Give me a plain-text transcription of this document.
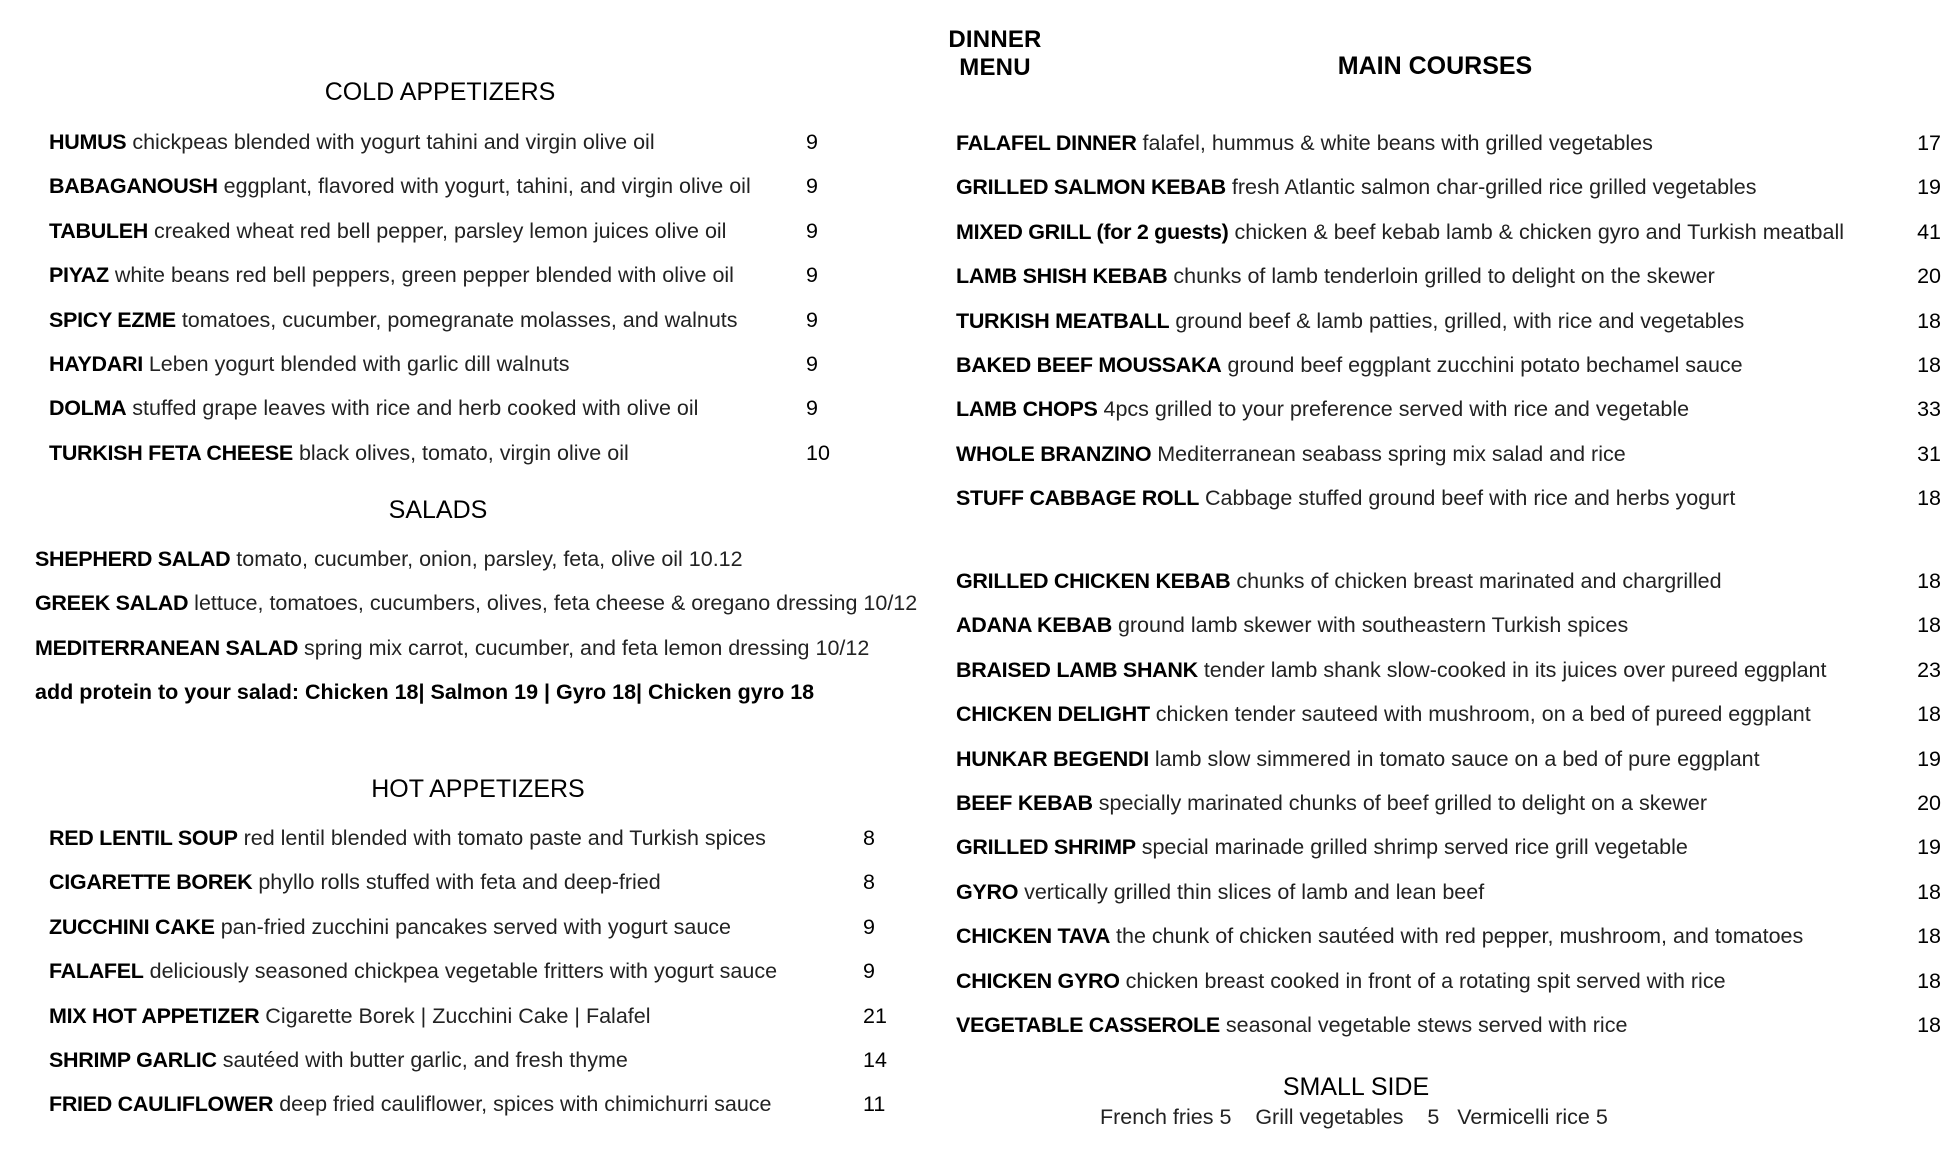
DINNER MENU
COLD APPETIZERS
HUMUS chickpeas blended with yogurt tahini and virgin olive oil	9
BABAGANOUSH eggplant, flavored with yogurt, tahini, and virgin olive oil	9
TABULEH creaked wheat red bell pepper, parsley lemon juices olive oil	9
PIYAZ white beans red bell peppers, green pepper blended with olive oil	9
SPICY EZME tomatoes, cucumber, pomegranate molasses, and walnuts	9
HAYDARI Leben yogurt blended with garlic dill walnuts	9
DOLMA stuffed grape leaves with rice and herb cooked with olive oil	9
TURKISH FETA CHEESE black olives, tomato, virgin olive oil	10
SALADS
SHEPHERD SALAD tomato, cucumber, onion, parsley, feta, olive oil 10.12
GREEK SALAD lettuce, tomatoes, cucumbers, olives, feta cheese & oregano dressing 10/12
MEDITERRANEAN SALAD spring mix carrot, cucumber, and feta lemon dressing 10/12
add protein to your salad: Chicken 18| Salmon 19 | Gyro 18| Chicken gyro 18
HOT APPETIZERS
RED LENTIL SOUP red lentil blended with tomato paste and Turkish spices	8
CIGARETTE BOREK phyllo rolls stuffed with feta and deep-fried	8
ZUCCHINI CAKE pan-fried zucchini pancakes served with yogurt sauce	9
FALAFEL deliciously seasoned chickpea vegetable fritters with yogurt sauce	9
MIX HOT APPETIZER Cigarette Borek | Zucchini Cake | Falafel	21
SHRIMP GARLIC sautéed with butter garlic, and fresh thyme	14
FRIED CAULIFLOWER deep fried cauliflower, spices with chimichurri sauce	11
MAIN COURSES
FALAFEL DINNER falafel, hummus & white beans with grilled vegetables	17
GRILLED SALMON KEBAB fresh Atlantic salmon char-grilled rice grilled vegetables	19
MIXED GRILL (for 2 guests) chicken & beef kebab lamb & chicken gyro and Turkish meatball	41
LAMB SHISH KEBAB chunks of lamb tenderloin grilled to delight on the skewer	20
TURKISH MEATBALL ground beef & lamb patties, grilled, with rice and vegetables	18
BAKED BEEF MOUSSAKA ground beef eggplant zucchini potato bechamel sauce	18
LAMB CHOPS 4pcs grilled to your preference served with rice and vegetable	33
WHOLE BRANZINO Mediterranean seabass spring mix salad and rice	31
STUFF CABBAGE ROLL Cabbage stuffed ground beef with rice and herbs yogurt	18
GRILLED CHICKEN KEBAB chunks of chicken breast marinated and chargrilled	18
ADANA KEBAB ground lamb skewer with southeastern Turkish spices	18
BRAISED LAMB SHANK tender lamb shank slow-cooked in its juices over pureed eggplant	23
CHICKEN DELIGHT chicken tender sauteed with mushroom, on a bed of pureed eggplant	18
HUNKAR BEGENDI lamb slow simmered in tomato sauce on a bed of pure eggplant	19
BEEF KEBAB specially marinated chunks of beef grilled to delight on a skewer	20
GRILLED SHRIMP special marinade grilled shrimp served rice grill vegetable	19
GYRO vertically grilled thin slices of lamb and lean beef	18
CHICKEN TAVA the chunk of chicken sautéed with red pepper, mushroom, and tomatoes	18
CHICKEN GYRO chicken breast cooked in front of a rotating spit served with rice	18
VEGETABLE CASSEROLE seasonal vegetable stews served with rice	18
SMALL SIDE
French fries 5    Grill vegetables    5   Vermicelli rice 5
